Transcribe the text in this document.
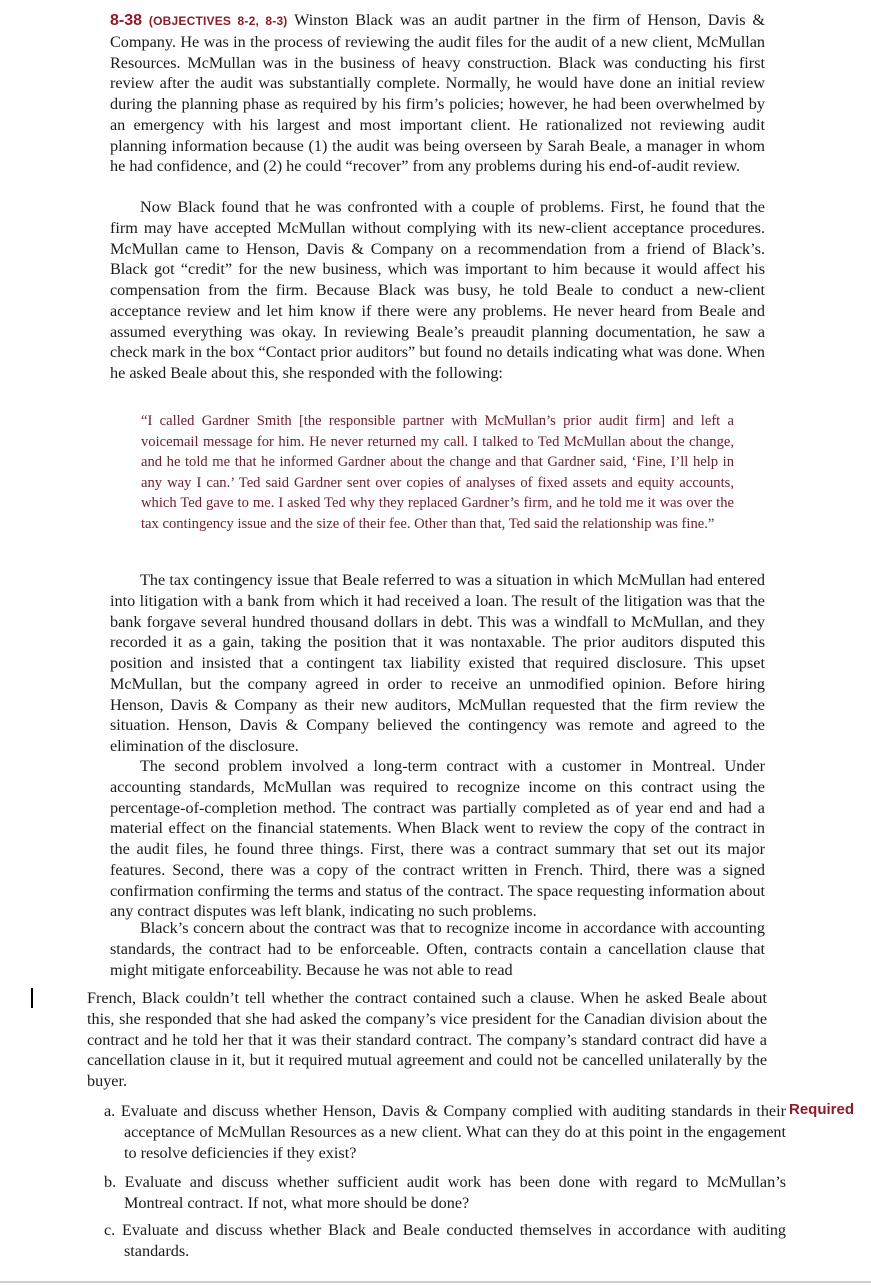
8-38 (OBJECTIVES 8-2, 8-3) Winston Black was an audit partner in the firm of Henson, Davis & Company. He was in the process of reviewing the audit files for the audit of a new client, McMullan Resources. McMullan was in the business of heavy construction. Black was conducting his first review after the audit was substantially complete. Normally, he would have done an initial review during the planning phase as required by his firm’s policies; however, he had been overwhelmed by an emergency with his largest and most important client. He rationalized not reviewing audit planning information because (1) the audit was being overseen by Sarah Beale, a manager in whom he had confidence, and (2) he could “recover” from any problems during his end-of-audit review.

Now Black found that he was confronted with a couple of problems. First, he found that the firm may have accepted McMullan without complying with its new-client acceptance procedures. McMullan came to Henson, Davis & Company on a recommendation from a friend of Black’s. Black got “credit” for the new business, which was important to him because it would affect his compensation from the firm. Because Black was busy, he told Beale to conduct a new-client acceptance review and let him know if there were any problems. He never heard from Beale and assumed everything was okay. In reviewing Beale’s preaudit planning documentation, he saw a check mark in the box “Contact prior auditors” but found no details indicating what was done. When he asked Beale about this, she responded with the following:

“I called Gardner Smith [the responsible partner with McMullan’s prior audit firm] and left a voicemail message for him. He never returned my call. I talked to Ted McMullan about the change, and he told me that he informed Gardner about the change and that Gardner said, ‘Fine, I’ll help in any way I can.’ Ted said Gardner sent over copies of analyses of fixed assets and equity accounts, which Ted gave to me. I asked Ted why they replaced Gardner’s firm, and he told me it was over the tax contingency issue and the size of their fee. Other than that, Ted said the relationship was fine.”

The tax contingency issue that Beale referred to was a situation in which McMullan had entered into litigation with a bank from which it had received a loan. The result of the litigation was that the bank forgave several hundred thousand dollars in debt. This was a windfall to McMullan, and they recorded it as a gain, taking the position that it was nontaxable. The prior auditors disputed this position and insisted that a contingent tax liability existed that required disclosure. This upset McMullan, but the company agreed in order to receive an unmodified opinion. Before hiring Henson, Davis & Company as their new auditors, McMullan requested that the firm review the situation. Henson, Davis & Company believed the contingency was remote and agreed to the elimination of the disclosure.

The second problem involved a long-term contract with a customer in Montreal. Under accounting standards, McMullan was required to recognize income on this contract using the percentage-of-completion method. The contract was partially completed as of year end and had a material effect on the financial statements. When Black went to review the copy of the contract in the audit files, he found three things. First, there was a contract summary that set out its major features. Second, there was a copy of the contract written in French. Third, there was a signed confirmation confirming the terms and status of the contract. The space requesting information about any contract disputes was left blank, indicating no such problems.

Black’s concern about the contract was that to recognize income in accordance with accounting standards, the contract had to be enforceable. Often, contracts contain a cancellation clause that might mitigate enforceability. Because he was not able to read

French, Black couldn’t tell whether the contract contained such a clause. When he asked Beale about this, she responded that she had asked the company’s vice president for the Canadian division about the contract and he told her that it was their standard contract. The company’s standard contract did have a cancellation clause in it, but it required mutual agreement and could not be cancelled unilaterally by the buyer.

Required

a. Evaluate and discuss whether Henson, Davis & Company complied with auditing standards in their acceptance of McMullan Resources as a new client. What can they do at this point in the engagement to resolve deficiencies if they exist?

b. Evaluate and discuss whether sufficient audit work has been done with regard to McMullan’s Montreal contract. If not, what more should be done?

c. Evaluate and discuss whether Black and Beale conducted themselves in accordance with auditing standards.
